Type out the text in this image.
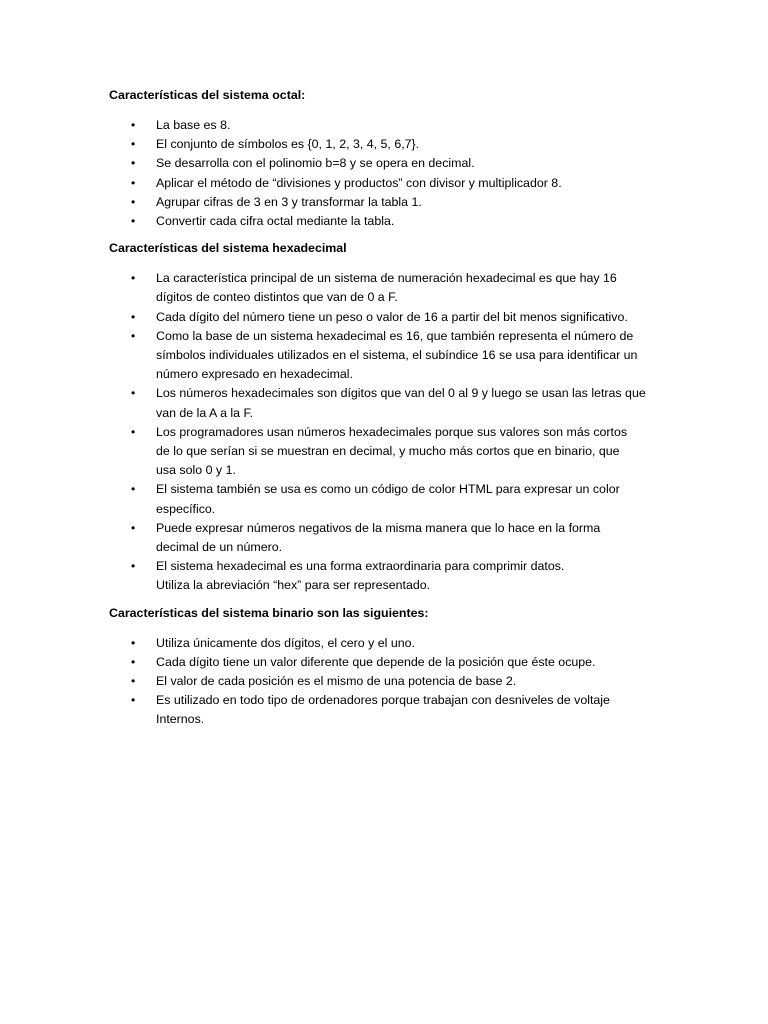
Características del sistema octal:

• La base es 8.
• El conjunto de símbolos es {0, 1, 2, 3, 4, 5, 6,7}.
• Se desarrolla con el polinomio b=8 y se opera en decimal.
• Aplicar el método de “divisiones y productos” con divisor y multiplicador 8.
• Agrupar cifras de 3 en 3 y transformar la tabla 1.
• Convertir cada cifra octal mediante la tabla.

Características del sistema hexadecimal

• La característica principal de un sistema de numeración hexadecimal es que hay 16
dígitos de conteo distintos que van de 0 a F.
• Cada dígito del número tiene un peso o valor de 16 a partir del bit menos significativo.
• Como la base de un sistema hexadecimal es 16, que también representa el número de
símbolos individuales utilizados en el sistema, el subíndice 16 se usa para identificar un
número expresado en hexadecimal.
• Los números hexadecimales son dígitos que van del 0 al 9 y luego se usan las letras que
van de la A a la F.
• Los programadores usan números hexadecimales porque sus valores son más cortos
de lo que serían si se muestran en decimal, y mucho más cortos que en binario, que
usa solo 0 y 1.
• El sistema también se usa es como un código de color HTML para expresar un color
específico.
• Puede expresar números negativos de la misma manera que lo hace en la forma
decimal de un número.
• El sistema hexadecimal es una forma extraordinaria para comprimir datos.
Utiliza la abreviación “hex” para ser representado.

Características del sistema binario son las siguientes:

• Utiliza únicamente dos dígitos, el cero y el uno.
• Cada dígito tiene un valor diferente que depende de la posición que éste ocupe.
• El valor de cada posición es el mismo de una potencia de base 2.
• Es utilizado en todo tipo de ordenadores porque trabajan con desniveles de voltaje
Internos.
